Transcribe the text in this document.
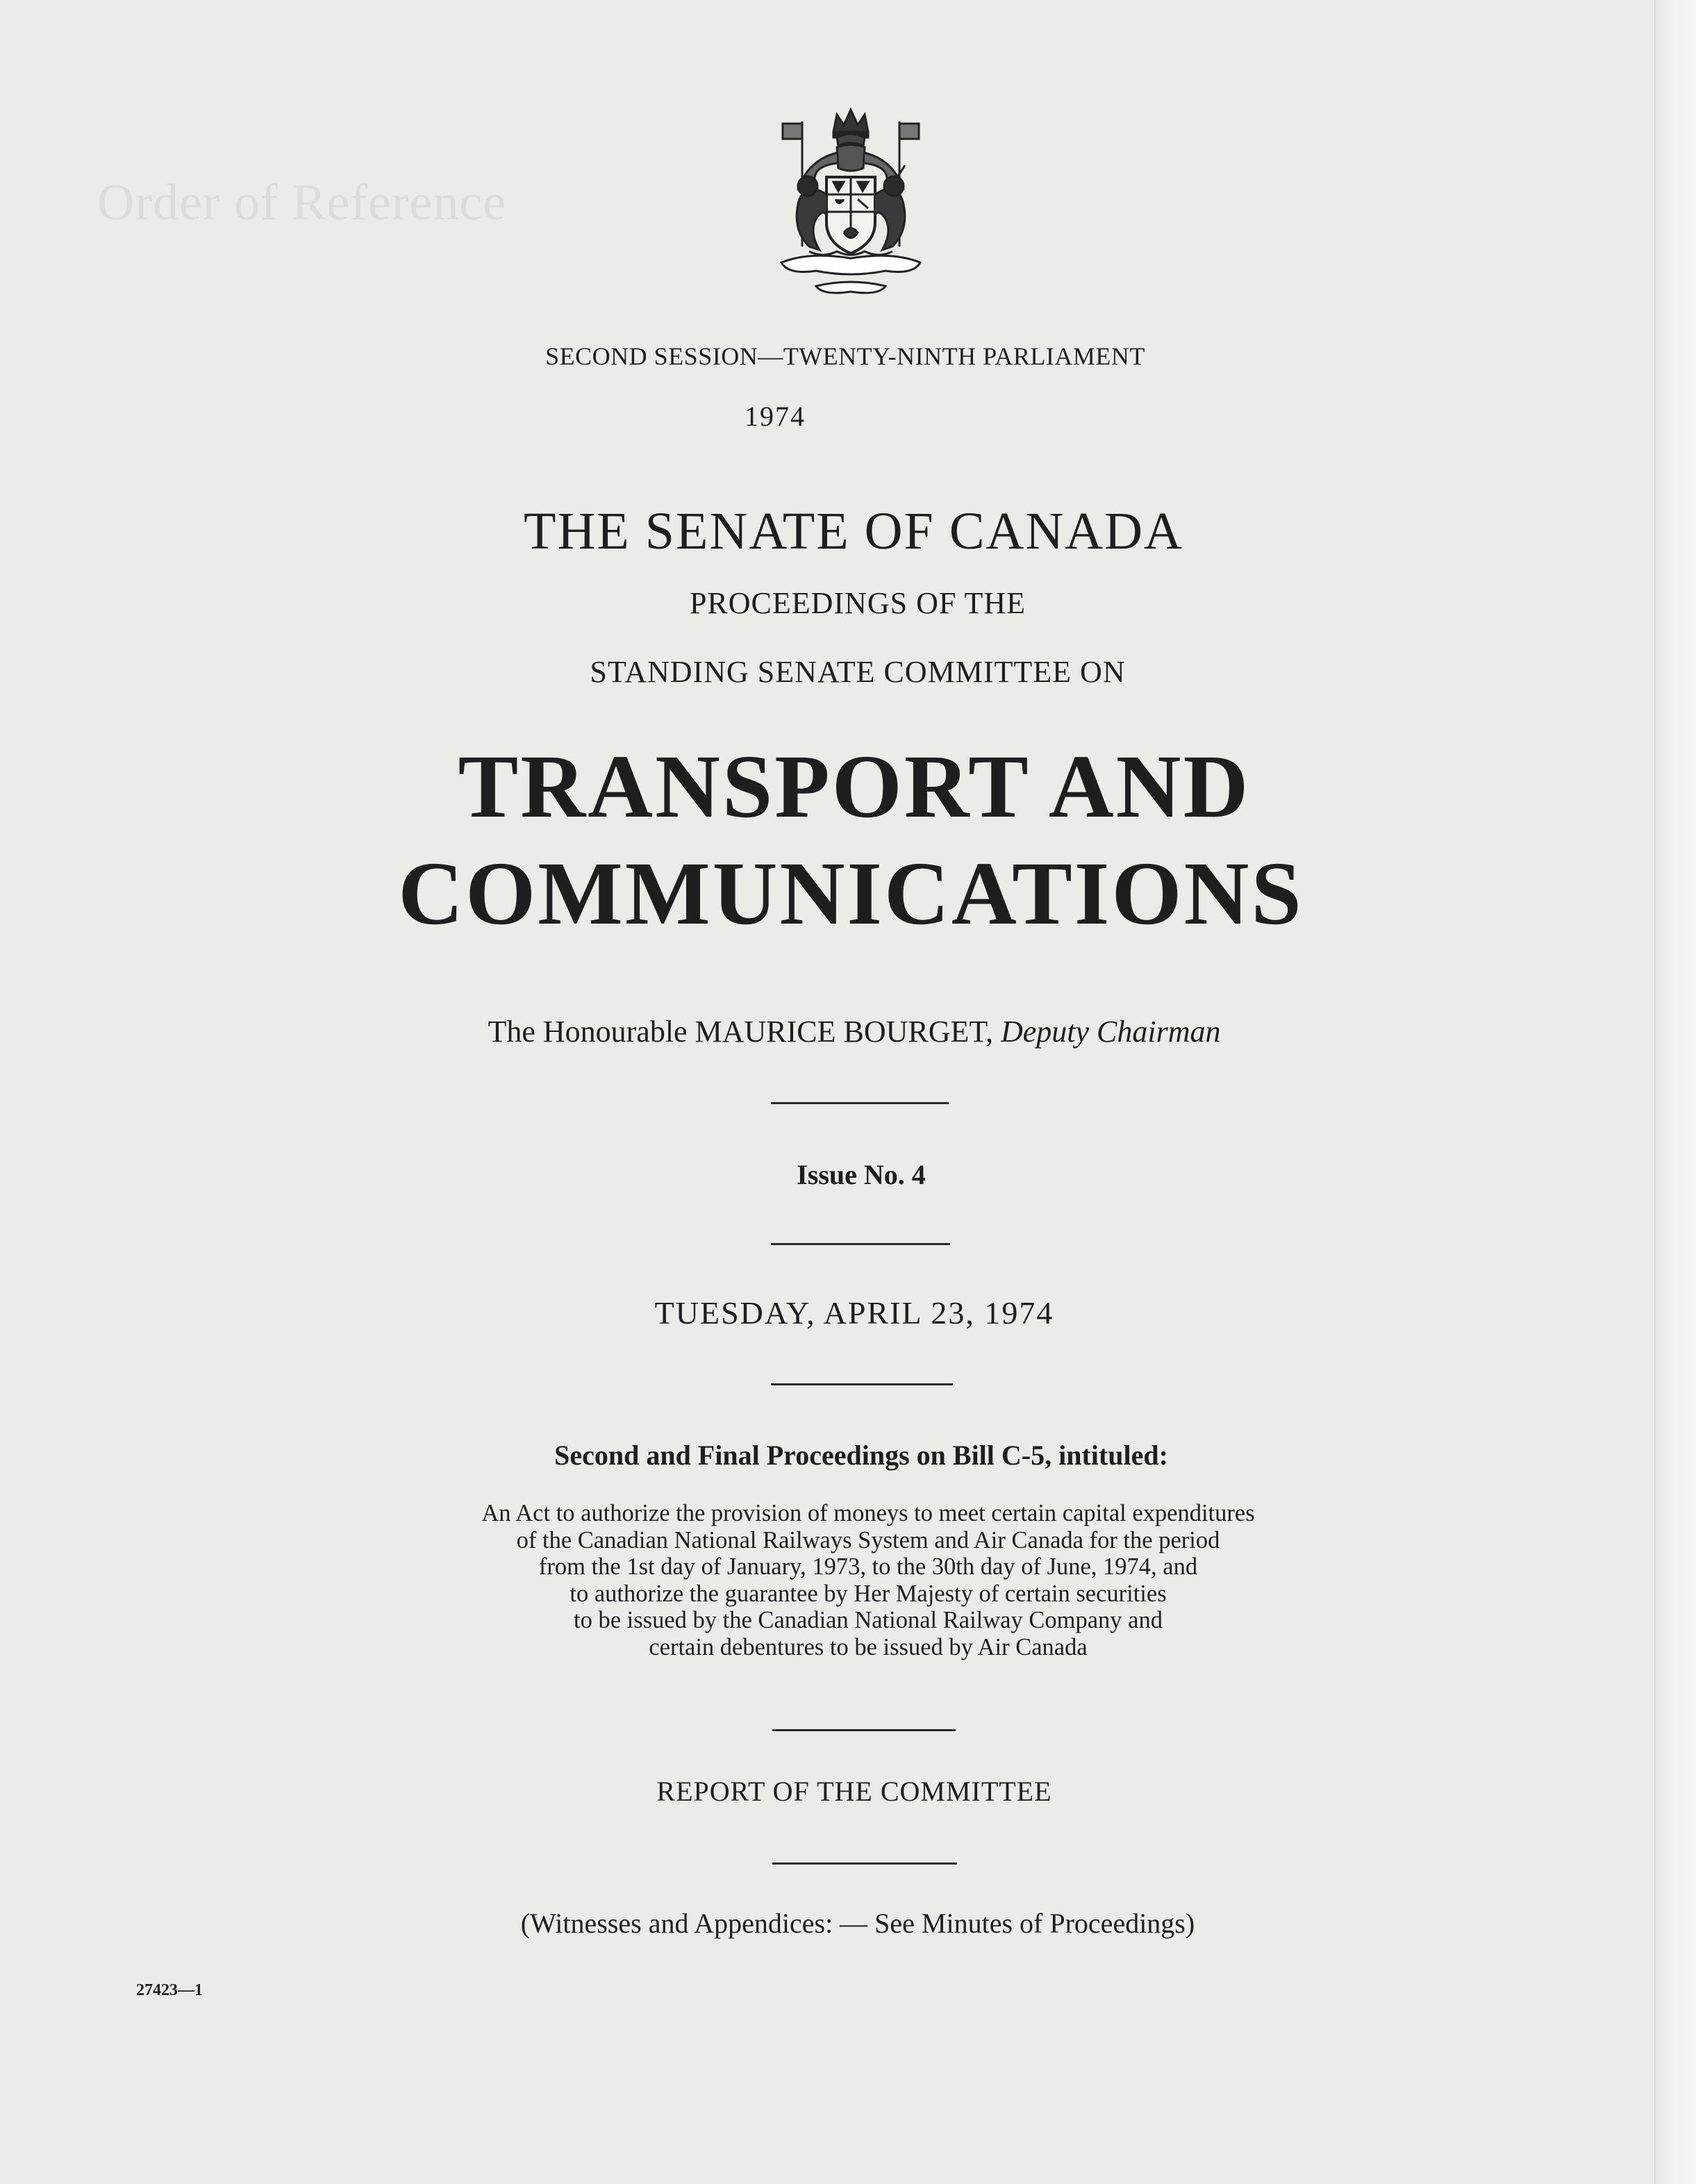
Order of Reference

SECOND SESSION—TWENTY-NINTH PARLIAMENT

1974

THE SENATE OF CANADA

PROCEEDINGS OF THE

STANDING SENATE COMMITTEE ON

TRANSPORT AND

COMMUNICATIONS

The Honourable MAURICE BOURGET, Deputy Chairman

Issue No. 4

TUESDAY, APRIL 23, 1974

Second and Final Proceedings on Bill C-5, intituled:

An Act to authorize the provision of moneys to meet certain capital expenditures
of the Canadian National Railways System and Air Canada for the period
from the 1st day of January, 1973, to the 30th day of June, 1974, and
to authorize the guarantee by Her Majesty of certain securities
to be issued by the Canadian National Railway Company and
certain debentures to be issued by Air Canada

REPORT OF THE COMMITTEE

(Witnesses and Appendices: — See Minutes of Proceedings)

27423—1
